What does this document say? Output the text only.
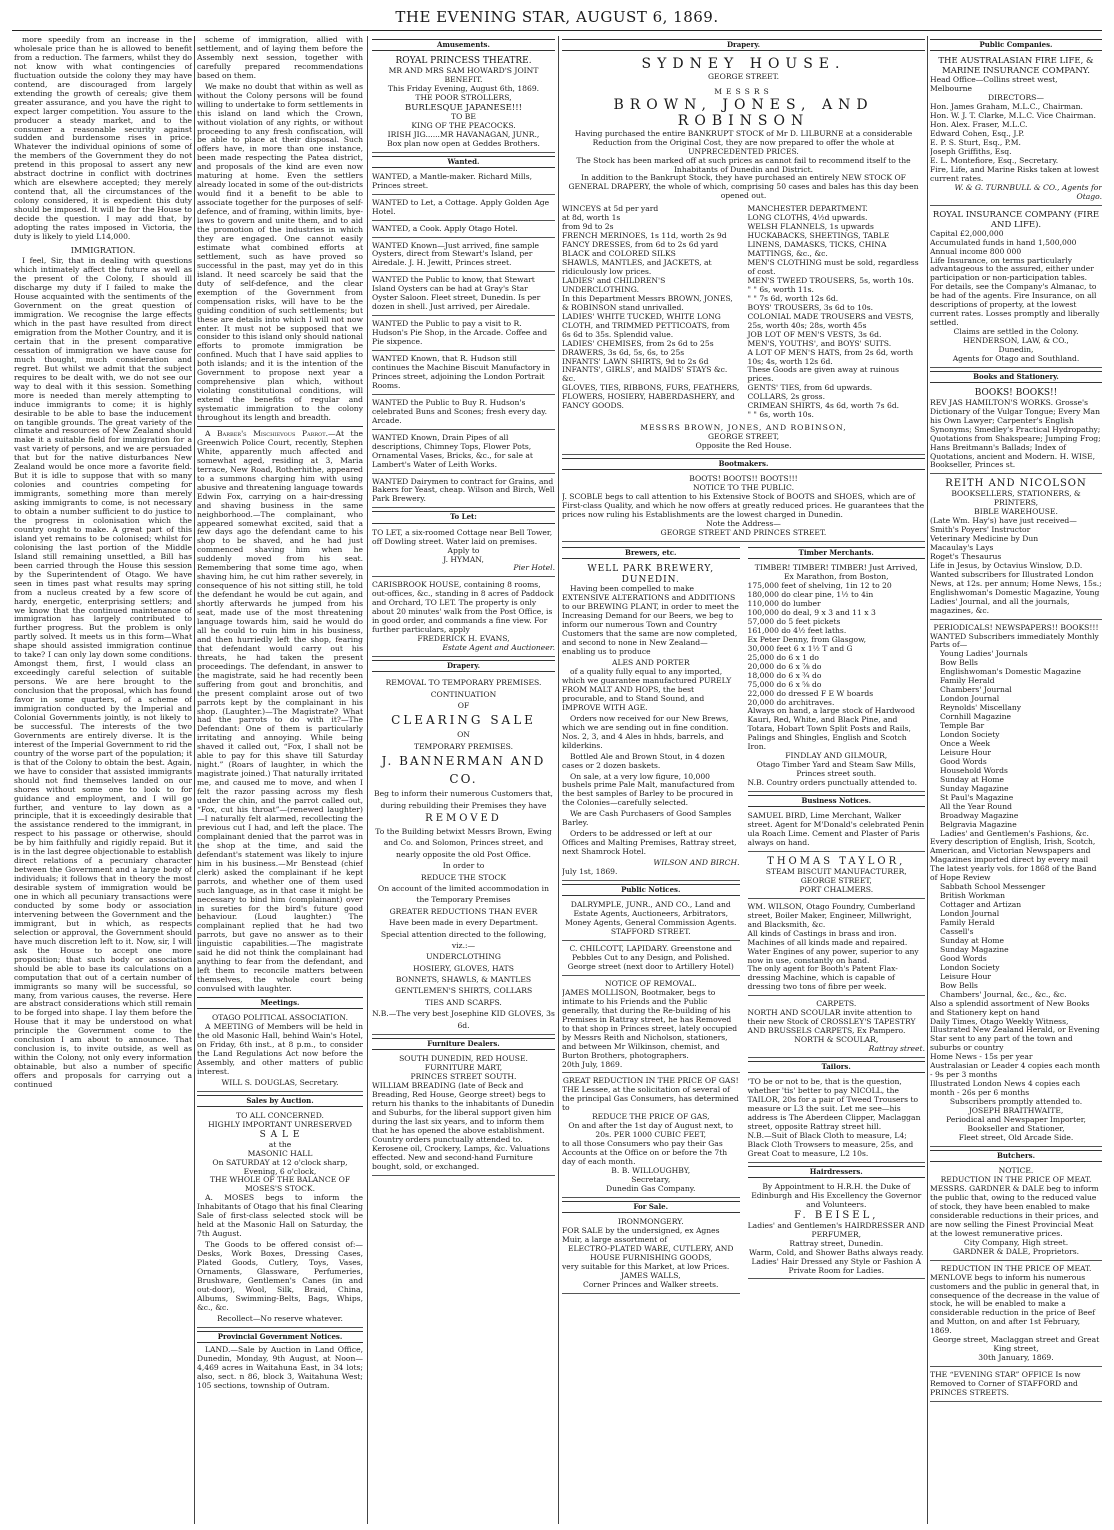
THE EVENING STAR, AUGUST 6, 1869.

more speedily from an increase in the wholesale price than he is allowed to benefit from a reduction. The farmers, whilst they do not know with what contingencies of fluctuation outside the colony they may have contend, are discouraged from largely extending the growth of cereals; give them greater assurance, and you have the right to expect larger competition. You assure to the producer a steady market, and to the consumer a reasonable security against sudden and burdensome rises in price. Whatever the individual opinions of some of the members of the Government they do not pretend in this proposal to assert any new abstract doctrine in conflict with doctrines which are elsewhere accepted; they merely contend that, all the circumstances of the colony considered, it is expedient this duty should be imposed. It will be for the House to decide the question. I may add that, by adopting the rates imposed in Victoria, the duty is likely to yield L14,000.

IMMIGRATION.

I feel, Sir, that in dealing with questions which intimately affect the future as well as the present of the Colony, I should ill discharge my duty if I failed to make the House acquainted with the sentiments of the Government on the great question of immigration. We recognise the large effects which in the past have resulted from direct emigration from the Mother Country, and it is certain that in the present comparative cessation of immigration we have cause for much thought, much consideration and regret. But whilst we admit that the subject requires to be dealt with, we do not see our way to deal with it this session. Something more is needed than merely attempting to induce immigrants to come; it is highly desirable to be able to base the inducement on tangible grounds. The great variety of the climate and resources of New Zealand should make it a suitable field for immigration for a vast variety of persons, and we are persuaded that but for the native disturbances New Zealand would be once more a favorite field. But it is idle to suppose that with so many colonies and countries competing for immigrants, something more than merely asking immigrants to come, is not necessary to obtain a number sufficient to do justice to the progress in colonisation which the country ought to make. A great part of this island yet remains to be colonised; whilst for colonising the last portion of the Middle Island still remaining unsettled, a Bill has been carried through the House this session by the Superintendent of Otago. We have seen in times past what results may spring from a nucleus created by a few score of hardy, energetic, enterprising settlers; and we know that the continued maintenance of immigration has largely contributed to further progress. But the problem is only partly solved. It meets us in this form—What shape should assisted immigration continue to take? I can only lay down some conditions. Amongst them, first, I would class an exceedingly careful selection of suitable persons. We are here brought to the conclusion that the proposal, which has found favor in some quarters, of a scheme of immigration conducted by the Imperial and Colonial Governments jointly, is not likely to be successful. The interests of the two Governments are entirely diverse. It is the interest of the Imperial Government to rid the country of the worse part of the population; it is that of the Colony to obtain the best. Again, we have to consider that assisted immigrants should not find themselves landed on our shores without some one to look to for guidance and employment, and I will go further, and venture to lay down as a principle, that it is exceedingly desirable that the assistance rendered to the immigrant, in respect to his passage or otherwise, should be by him faithfully and rigidly repaid. But it is in the last degree objectionable to establish direct relations of a pecuniary character between the Government and a large body of individuals; it follows that in theory the most desirable system of immigration would be one in which all pecuniary transactions were conducted by some body or association intervening between the Government and the immigrant, but in which, as respects selection or approval, the Government should have much discretion left to it. Now, sir, I will ask the House to accept one more proposition; that such body or association should be able to base its calculations on a computation that out of a certain number of immigrants so many will be successful, so many, from various causes, the reverse. Here are abstract considerations which still remain to be forged into shape. I lay them before the House that it may be understood on what principle the Government come to the conclusion I am about to announce. That conclusion is, to invite outside, as well as within the Colony, not only every information obtainable, but also a number of specific offers and proposals for carrying out a continued

scheme of immigration, allied with settlement, and of laying them before the Assembly next session, together with carefully prepared recommendations based on them.

We make no doubt that within as well as without the Colony persons will be found willing to undertake to form settlements in this island on land which the Crown, without violation of any rights, or without proceeding to any fresh confiscation, will be able to place at their disposal. Such offers have, in more than one instance, been made respecting the Patea district, and proposals of the kind are even now maturing at home. Even the settlers already located in some of the out-districts would find it a benefit to be able to associate together for the purposes of self-defence, and of framing, within limits, bye-laws to govern and unite them, and to aid the promotion of the industries in which they are engaged. One cannot easily estimate what combined efforts at settlement, such as have proved so successful in the past, may yet do in this island. It need scarcely be said that the duty of self-defence, and the clear exemption of the Government from compensation risks, will have to be the guiding condition of such settlements; but these are details into which I will not now enter. It must not be supposed that we consider to this island only should national efforts to promote immigration be confined. Much that I have said applies to both islands; and it is the intention of the Government to propose next year a comprehensive plan which, without violating constitutional conditions, will extend the benefits of regular and systematic immigration to the colony throughout its length and breadth.

A Barber's Mischievous Parrot.—At the Greenwich Police Court, recently, Stephen White, apparently much affected and somewhat aged, residing at 3, Maria terrace, New Road, Rotherhithe, appeared to a summons charging him with using abusive and threatening language towards Edwin Fox, carrying on a hair-dressing and shaving business in the same neighborhood.—The complainant, who appeared somewhat excited, said that a few days ago the defendant came to his shop to be shaved, and he had just commenced shaving him when he suddenly moved from his seat. Remembering that some time ago, when shaving him, he cut him rather severely, in consequence of his not sitting still, he told the defendant he would be cut again, and shortly afterwards he jumped from his seat, made use of the most threatening language towards him, said he would do all he could to ruin him in his business, and then hurriedly left the shop, fearing that defendant would carry out his threats, he had taken the present proceedings. The defendant, in answer to the magistrate, said he had recently been suffering from gout and bronchitis, and the present complaint arose out of two parrots kept by the complainant in his shop. (Laughter.)—The Magistrate? What had the parrots to do with it?—The Defendant: One of them is particularly irritating and annoying. While being shaved it called out, “Fox, I shall not be able to pay for this shave till Saturday night.” (Roars of laughter, in which the magistrate joined.) That naturally irritated me, and caused me to move, and when I felt the razor passing across my flesh under the chin, and the parrot called out, “Fox, cut his throat”—(renewed laughter)—I naturally felt alarmed, recollecting the previous cut I had, and left the place. The complainant denied that the parrot was in the shop at the time, and said the defendant's statement was likely to injure him in his business.—Mr Benstead (chief clerk) asked the complainant if he kept parrots, and whether one of them used such language, as in that case it might be necessary to bind him (complainant) over in sureties for the bird's future good behaviour. (Loud laughter.) The complainant replied that he had two parrots, but gave no answer as to their linguistic capabilities.—The magistrate said he did not think the complainant had anything to fear from the defendant, and left them to reconcile matters between themselves, the whole court being convulsed with laughter.

Meetings.
OTAGO POLITICAL ASSOCIATION.

A MEETING of Members will be held in the old Masonic Hall, behind Wain's Hotel, on Friday, 6th inst., at 8 p.m., to consider the Land Regulations Act now before the Assembly, and other matters of public interest.

WILL S. DOUGLAS, Secretary.
Sales by Auction.
TO ALL CONCERNED.
HIGHLY IMPORTANT UNRESERVED
S A L E
at the
MASONIC HALL
On SATURDAY at 12 o'clock sharp,
Evening, 6 o'clock,
THE WHOLE OF THE BALANCE OF MOSES'S STOCK.

A. MOSES begs to inform the Inhabitants of Otago that his final Clearing Sale of first-class selected stock will be held at the Masonic Hall on Saturday, the 7th August.

The Goods to be offered consist of:—Desks, Work Boxes, Dressing Cases, Plated Goods, Cutlery, Toys, Vases, Ornaments, Glassware, Perfumeries, Brushware, Gentlemen's Canes (in and out-door), Wool, Silk, Braid, China, Albums, Swimming-Belts, Bags, Whips, &c., &c.

Recollect—No reserve whatever.
Provincial Government Notices.

LAND.—Sale by Auction in Land Office, Dunedin, Monday, 9th August, at Noon—4,469 acres in Waitahuna East, in 34 lots; also, sect. n 86, block 3, Waitahuna West; 105 sections, township of Outram.

Amusements.
ROYAL PRINCESS THEATRE.
MR AND MRS SAM HOWARD'S JOINT BENEFIT.
This Friday Evening, August 6th, 1869.
THE POOR STROLLERS,
BURLESQUE JAPANESE!!!
TO BE
KING OF THE PEACOCKS.
IRISH JIG......MR HAVANAGAN, JUNR.,
Box plan now open at Geddes Brothers.
Wanted.
WANTED, a Mantle-maker. Richard Mills, Princes street.
WANTED to Let, a Cottage. Apply Golden Age Hotel.
WANTED, a Cook. Apply Otago Hotel.
WANTED Known—Just arrived, fine sample Oysters, direct from Stewart's Island, per Airedale. J. H. Jewitt, Princes street.
WANTED the Public to know, that Stewart Island Oysters can be had at Gray's Star Oyster Saloon. Fleet street, Dunedin. Is per dozen in shell. Just arrived, per Airedale.
WANTED the Public to pay a visit to R. Hudson's Pie Shop, in the Arcade. Coffee and Pie sixpence.
WANTED Known, that R. Hudson still continues the Machine Biscuit Manufactory in Princes street, adjoining the London Portrait Rooms.
WANTED the Public to Buy R. Hudson's celebrated Buns and Scones; fresh every day. Arcade.
WANTED Known, Drain Pipes of all descriptions, Chimney Tops, Flower Pots, Ornamental Vases, Bricks, &c., for sale at Lambert's Water of Leith Works.
WANTED Dairymen to contract for Grains, and Bakers for Yeast, cheap. Wilson and Birch, Well Park Brewery.
To Let:
TO LET, a six-roomed Cottage near Bell Tower, off Dowling street. Water laid on premises.
Apply to
J. HYMAN,
Pier Hotel.
CARISBROOK HOUSE, containing 8 rooms, out-offices, &c., standing in 8 acres of Paddock and Orchard, TO LET. The property is only about 20 minutes' walk from the Post Office, is in good order, and commands a fine view. For further particulars, apply
FREDERICK H. EVANS,
Estate Agent and Auctioneer.
Drapery.
REMOVAL TO TEMPORARY PREMISES.
CONTINUATION
OF
CLEARING SALE
ON
TEMPORARY PREMISES.
J. BANNERMAN AND CO.
Beg to inform their numerous Customers that, during rebuilding their Premises they have
REMOVED
To the Building betwixt Messrs Brown, Ewing and Co. and Solomon, Princes street, and nearly opposite the old Post Office.
In order to
REDUCE THE STOCK
On account of the limited accommodation in the Temporary Premises
GREATER REDUCTIONS THAN EVER
Have been made in every Department.
Special attention directed to the following,
viz.:—
UNDERCLOTHING
HOSIERY, GLOVES, HATS
BONNETS, SHAWLS, & MANTLES
GENTLEMEN'S SHIRTS, COLLARS
TIES AND SCARFS.
N.B.—The very best Josephine KID GLOVES, 3s 6d.
Furniture Dealers.
SOUTH DUNEDIN, RED HOUSE.
FURNITURE MART,
PRINCES STREET SOUTH.
WILLIAM BREADING (late of Beck and Breading, Red House, George street) begs to return his thanks to the inhabitants of Dunedin and Suburbs, for the liberal support given him during the last six years, and to inform them that he has opened the above establishment. Country orders punctually attended to. Kerosene oil, Crockery, Lamps, &c. Valuations effected. New and second-hand Furniture bought, sold, or exchanged.
Drapery.
SYDNEY HOUSE.
GEORGE STREET.
MESSRS
BROWN, JONES, AND ROBINSON
Having purchased the entire BANKRUPT STOCK of Mr D. LILBURNE at a considerable Reduction from the Original Cost, they are now prepared to offer the whole at UNPRECEDENTED PRICES.
The Stock has been marked off at such prices as cannot fail to recommend itself to the Inhabitants of Dunedin and District.
In addition to the Bankrupt Stock, they have purchased an entirely NEW STOCK OF GENERAL DRAPERY, the whole of which, comprising 50 cases and bales has this day been opened out.
WINCEYS at 5d per yard
at 8d, worth 1s
from 9d to 2s
FRENCH MERINOES, 1s 11d, worth 2s 9d
FANCY DRESSES, from 6d to 2s 6d yard
BLACK and COLORED SILKS
SHAWLS, MANTLES, and JACKETS, at ridiculously low prices.
LADIES' and CHILDREN'S UNDERCLOTHING.
In this Department Messrs BROWN, JONES, & ROBINSON stand unrivalled.
LADIES' WHITE TUCKED, WHITE LONG CLOTH, and TRIMMED PETTICOATS, from 6s 6d to 35s. Splendid value.
LADIES' CHEMISES, from 2s 6d to 25s
DRAWERS, 3s 6d, 5s, 6s, to 25s
INFANTS' LAWN SHIRTS, 9d to 2s 6d
INFANTS', GIRLS', and MAIDS' STAYS &c. &c.
GLOVES, TIES, RIBBONS, FURS, FEATHERS, FLOWERS, HOSIERY, HABERDASHERY, and FANCY GOODS.
MANCHESTER DEPARTMENT.
LONG CLOTHS, 4½d upwards.
WELSH FLANNELS, 1s upwards
HUCKABACKS, SHEETINGS, TABLE LINENS, DAMASKS, TICKS, CHINA MATTINGS, &c., &c.
MEN'S CLOTHING must be sold, regardless of cost.
MEN'S TWEED TROUSERS, 5s, worth 10s.
" " 6s, worth 11s.
" " 7s 6d, worth 12s 6d.
BOYS' TROUSERS, 3s 6d to 10s.
COLONIAL MADE TROUSERS and VESTS, 25s, worth 40s; 28s, worth 45s
JOB LOT OF MEN'S VESTS, 3s 6d.
MEN'S, YOUTHS', and BOYS' SUITS.
A LOT OF MEN'S HATS, from 2s 6d, worth 10s; 4s, worth 12s 6d.
These Goods are given away at ruinous prices.
GENTS' TIES, from 6d upwards.
COLLARS, 2s gross.
CRIMEAN SHIRTS, 4s 6d, worth 7s 6d.
" " 6s, worth 10s.
MESSRS BROWN, JONES, AND ROBINSON,
GEORGE STREET,
Opposite the Red House.
Bootmakers.
BOOTS! BOOTS!! BOOTS!!!
NOTICE TO THE PUBLIC.
J. SCOBLE begs to call attention to his Extensive Stock of BOOTS and SHOES, which are of First-class Quality, and which he now offers at greatly reduced prices. He guarantees that the prices now ruling his Establishments are the lowest charged in Dunedin.
Note the Address—
GEORGE STREET AND PRINCES STREET.
Brewers, etc.
WELL PARK BREWERY, DUNEDIN.

Having been compelled to make EXTENSIVE ALTERATIONS and ADDITIONS to our BREWING PLANT, in order to meet the Increasing Demand for our Beers, we beg to inform our numerous Town and Country Customers that the same are now completed, and second to none in New Zealand—enabling us to produce

ALES AND PORTER

of a quality fully equal to any imported, which we guarantee manufactured PURELY FROM MALT AND HOPS, the best procurable, and to Stand Sound, and IMPROVE WITH AGE.

Orders now received for our New Brews, which we are sending out in fine condition. Nos. 2, 3, and 4 Ales in hhds, barrels, and kilderkins.

Bottled Ale and Brown Stout, in 4 dozen cases or 2 dozen baskets.

On sale, at a very low figure, 10,000 bushels prime Pale Malt, manufactured from the best samples of Barley to be procured in the Colonies—carefully selected.

We are Cash Purchasers of Good Samples Barley.

Orders to be addressed or left at our Offices and Malting Premises, Rattray street, next Shamrock Hotel.

WILSON AND BIRCH.
July 1st, 1869.
Public Notices.
DALRYMPLE, JUNR., AND CO., Land and Estate Agents, Auctioneers, Arbitrators, Money Agents, General Commission Agents. STAFFORD STREET.
C. CHILCOTT, LAPIDARY. Greenstone and Pebbles Cut to any Design, and Polished.
George street (next door to Artillery Hotel)
NOTICE OF REMOVAL.
JAMES MOLLISON, Bootmaker, begs to intimate to his Friends and the Public generally, that during the Re-building of his Premises in Rattray street, he has Removed to that shop in Princes street, lately occupied by Messrs Reith and Nicholson, stationers, and between Mr Wilkinson, chemist, and Burton Brothers, photographers.
20th July, 1869.
GREAT REDUCTION IN THE PRICE OF GAS!
THE Lessee, at the solicitation of several of the principal Gas Consumers, has determined to
REDUCE THE PRICE OF GAS,
On and after the 1st day of August next, to
20s. PER 1000 CUBIC FEET,
to all those Consumers who pay their Gas Accounts at the Office on or before the 7th day of each month.
B. B. WILLOUGHBY,
Secretary,
Dunedin Gas Company.
For Sale.
IRONMONGERY.
FOR SALE by the undersigned, ex Agnes Muir, a large assortment of
ELECTRO-PLATED WARE, CUTLERY, AND HOUSE FURNISHING GOODS,
very suitable for this Market, at low Prices.
JAMES WALLS,
Corner Princes and Walker streets.
Timber Merchants.
TIMBER! TIMBER! TIMBER! Just Arrived,
Ex Marathon, from Boston,
175,000 feet of shelving, 1in 12 to 20
180,000 do clear pine, 1½ to 4in
110,000 do lumber
100,000 do deal, 9 x 3 and 11 x 3
57,000 do 5 feet pickets
161,000 do 4½ feet laths.
Ex Peter Denny, from Glasgow,
30,000 feet 6 x 1½ T and G
25,000 do 6 x 1 do
20,000 do 6 x ⅞ do
18,000 do 6 x ¾ do
75,000 do 6 x ⅝ do
22,000 do dressed F E W boards
20,000 do architraves.
Always on hand, a large stock of Hardwood Kauri, Red, White, and Black Pine, and Totara, Hobart Town Split Posts and Rails, Palings and Shingles, English and Scotch Iron.
FINDLAY AND GILMOUR,
Otago Timber Yard and Steam Saw Mills, Princes street south.
N.B. Country orders punctually attended to.
Business Notices.
SAMUEL BIRD, Lime Merchant, Walker street. Agent for M'Donald's celebrated Penin ula Roach Lime. Cement and Plaster of Paris always on hand.
THOMAS TAYLOR,
STEAM BISCUIT MANUFACTURER,
GEORGE STREET,
PORT CHALMERS.
WM. WILSON, Otago Foundry, Cumberland street, Boiler Maker, Engineer, Millwright, and Blacksmith, &c.
All kinds of Castings in brass and iron. Machines of all kinds made and repaired. Water Engines of any power, superior to any now in use, constantly on hand.
The only agent for Booth's Patent Flax-dressing Machine, which is capable of dressing two tons of fibre per week.
CARPETS.
NORTH AND SCOULAR invite attention to their new Stock of CROSSLEY'S TAPESTRY AND BRUSSELS CARPETS, Ex Pampero.
NORTH & SCOULAR,
Rattray street.
Tailors.
'TO be or not to be, that is the question, whether 'tis' better to pay NICOLL, the TAILOR, 20s for a pair of Tweed Trousers to measure or L3 the suit. Let me see—his address is The Aberdeen Clipper, Maclaggan street, opposite Rattray street hill.
N.B.—Suit of Black Cloth to measure, L4; Black Cloth Trowsers to measure, 25s, and Great Coat to measure, L2 10s.
Hairdressers.
By Appointment to H.R.H. the Duke of Edinburgh and His Excellency the Governor and Volunteers.
F. BEISEL,
Ladies' and Gentlemen's HAIRDRESSER AND PERFUMER,
Rattray street, Dunedin.
Warm, Cold, and Shower Baths always ready.
Ladies' Hair Dressed any Style or Fashion A Private Room for Ladies.
Public Companies.
THE AUSTRALASIAN FIRE LIFE, & MARINE INSURANCE COMPANY.
Head Office—Collins street west, Melbourne
DIRECTORS—
Hon. James Graham, M.L.C., Chairman.
Hon. W. J. T. Clarke, M.L.C. Vice Chairman.
Hon. Alex. Fraser, M.L.C.
Edward Cohen, Esq., J.P.
E. P. S. Sturt, Esq., P.M.
Joseph Griffiths, Esq.
E. L. Montefiore, Esq., Secretary.
Fire, Life, and Marine Risks taken at lowest current rates.
W. & G. TURNBULL & CO., Agents for Otago.
ROYAL INSURANCE COMPANY (FIRE AND LIFE).
Capital £2,000,000
Accumulated funds in hand 1,500,000
Annual income 800 000
Life Insurance, on terms particularly advantageous to the assured, either under participation or non-participation tables. For details, see the Company's Almanac, to be had of the agents. Fire Insurance, on all descriptions of property, at the lowest current rates. Losses promptly and liberally settled.
Claims are settled in the Colony.
HENDERSON, LAW, & CO.,
Dunedin,
Agents for Otago and Southland.
Books and Stationery.
BOOKS! BOOKS!!
REV JAS HAMILTON'S WORKS. Grosse's Dictionary of the Vulgar Tongue; Every Man his Own Lawyer; Carpenter's English Synonyms; Smedley's Practical Hydropathy; Quotations from Shakspeare; Jumping Frog; Hans Breitmann's Ballads; Index of Quotations, ancient and Modern. H. WISE, Bookseller, Princes st.
REITH AND NICOLSON
BOOKSELLERS, STATIONERS, & PRINTERS,
BIBLE WAREHOUSE.
(Late Wm. Hay's) have just received—
Smith's Poyers' Instructor
Veterinary Medicine by Dun
Macaulay's Lays
Roget's Thesaurus
Life in Jesus, by Octavius Winslow, D.D.
Wanted subscribers for Illustrated London News, at 12s. per annum; Home News, 15s.; Englishwoman's Domestic Magazine, Young Ladies' Journal, and all the journals, magazines, &c.
PERIODICALS! NEWSPAPERS!! BOOKS!!!
WANTED Subscribers immediately Monthly Parts of—
Young Ladies' Journals
Bow Bells
Englishwoman's Domestic Magazine
Family Herald
Chambers' Journal
London Journal
Reynolds' Miscellany
Cornhill Magazine
Temple Bar
London Society
Once a Week
Leisure Hour
Good Words
Household Words
Sunday at Home
Sunday Magazine
St Paul's Magazine
All the Year Round
Broadway Magazine
Belgravia Magazine
Ladies' and Gentlemen's Fashions, &c.
Every description of English, Irish, Scotch, American, and Victorian Newspapers and Magazines imported direct by every mail
The latest yearly vols. for 1868 of the Band of Hope Review
Sabbath School Messenger
British Workman
Cottager and Artizan
London Journal
Family Herald
Cassell's
Sunday at Home
Sunday Magazine
Good Words
London Society
Leisure Hour
Bow Bells
Chambers' Journal, &c., &c., &c.
Also a splendid assortment of New Books and Stationery kept on hand
Daily Times, Otago Weekly Witness, Illustrated New Zealand Herald, or Evening Star sent to any part of the town and suburbs or country
Home News - 15s per year
Australasian or Leader 4 copies each month - 9s per 3 months
Illustrated London News 4 copies each month - 26s per 6 months
Subscribers promptly attended to.
JOSEPH BRAITHWAITE,
Periodical and Newspaper Importer, Bookseller and Stationer,
Fleet street, Old Arcade Side.
Butchers.
NOTICE.
REDUCTION IN THE PRICE OF MEAT.
MESSRS. GARDNER & DALE beg to inform the public that, owing to the reduced value of stock, they have been enabled to make considerable reductions in their prices, and are now selling the Finest Provincial Meat at the lowest remunerative prices.
City Company, High street.
GARDNER & DALE, Proprietors.
REDUCTION IN THE PRICE OF MEAT.
MENLOVE begs to inform his numerous customers and the public in general that, in consequence of the decrease in the value of stock, he will be enabled to make a considerable reduction in the price of Beef and Mutton, on and after 1st February, 1869.
George street, Maclaggan street and Great King street,
30th January, 1869.
THE “EVENING STAR” OFFICE Is now Removed to Corner of STAFFORD and PRINCES STREETS.
